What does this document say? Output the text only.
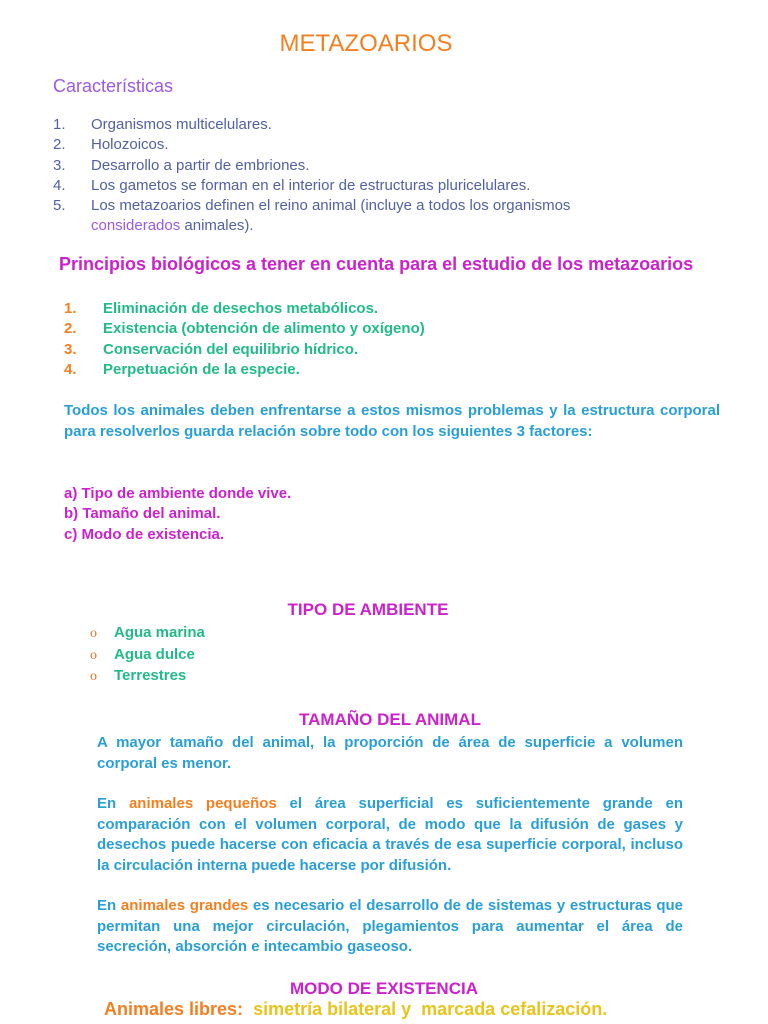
METAZOARIOS
Características
1.	Organismos multicelulares.
2.	Holozoicos.
3.	Desarrollo a partir de embriones.
4.	Los gametos se forman en el interior de estructuras pluricelulares.
5.	Los metazoarios definen el reino animal (incluye a todos los organismos
considerados animales).
Principios biológicos a tener en cuenta para el estudio de los metazoarios
1.	Eliminación de desechos metabólicos.
2.	Existencia (obtención de alimento y oxígeno)
3.	Conservación del equilibrio hídrico.
4.	Perpetuación de la especie.

Todos los animales deben enfrentarse a estos mismos problemas y la estructura corporal para resolverlos guarda relación sobre todo con los siguientes 3 factores:

a) Tipo de ambiente donde vive.
b) Tamaño del animal.
c) Modo de existencia.
TIPO DE AMBIENTE
o	Agua marina
o	Agua dulce
o	Terrestres
TAMAÑO DEL ANIMAL

A mayor tamaño del animal, la proporción de área de superficie a volumen corporal es menor.

En animales pequeños el área superficial es suficientemente grande en comparación con el volumen corporal, de modo que la difusión de gases y desechos puede hacerse con eficacia a través de esa superficie corporal, incluso la circulación interna puede hacerse por difusión.

En animales grandes es necesario el desarrollo de de sistemas y estructuras que permitan una mejor circulación, plegamientos para aumentar el área de secreción, absorción e intecambio gaseoso.

MODO DE EXISTENCIA
Animales libres:  simetría bilateral y  marcada cefalización.
